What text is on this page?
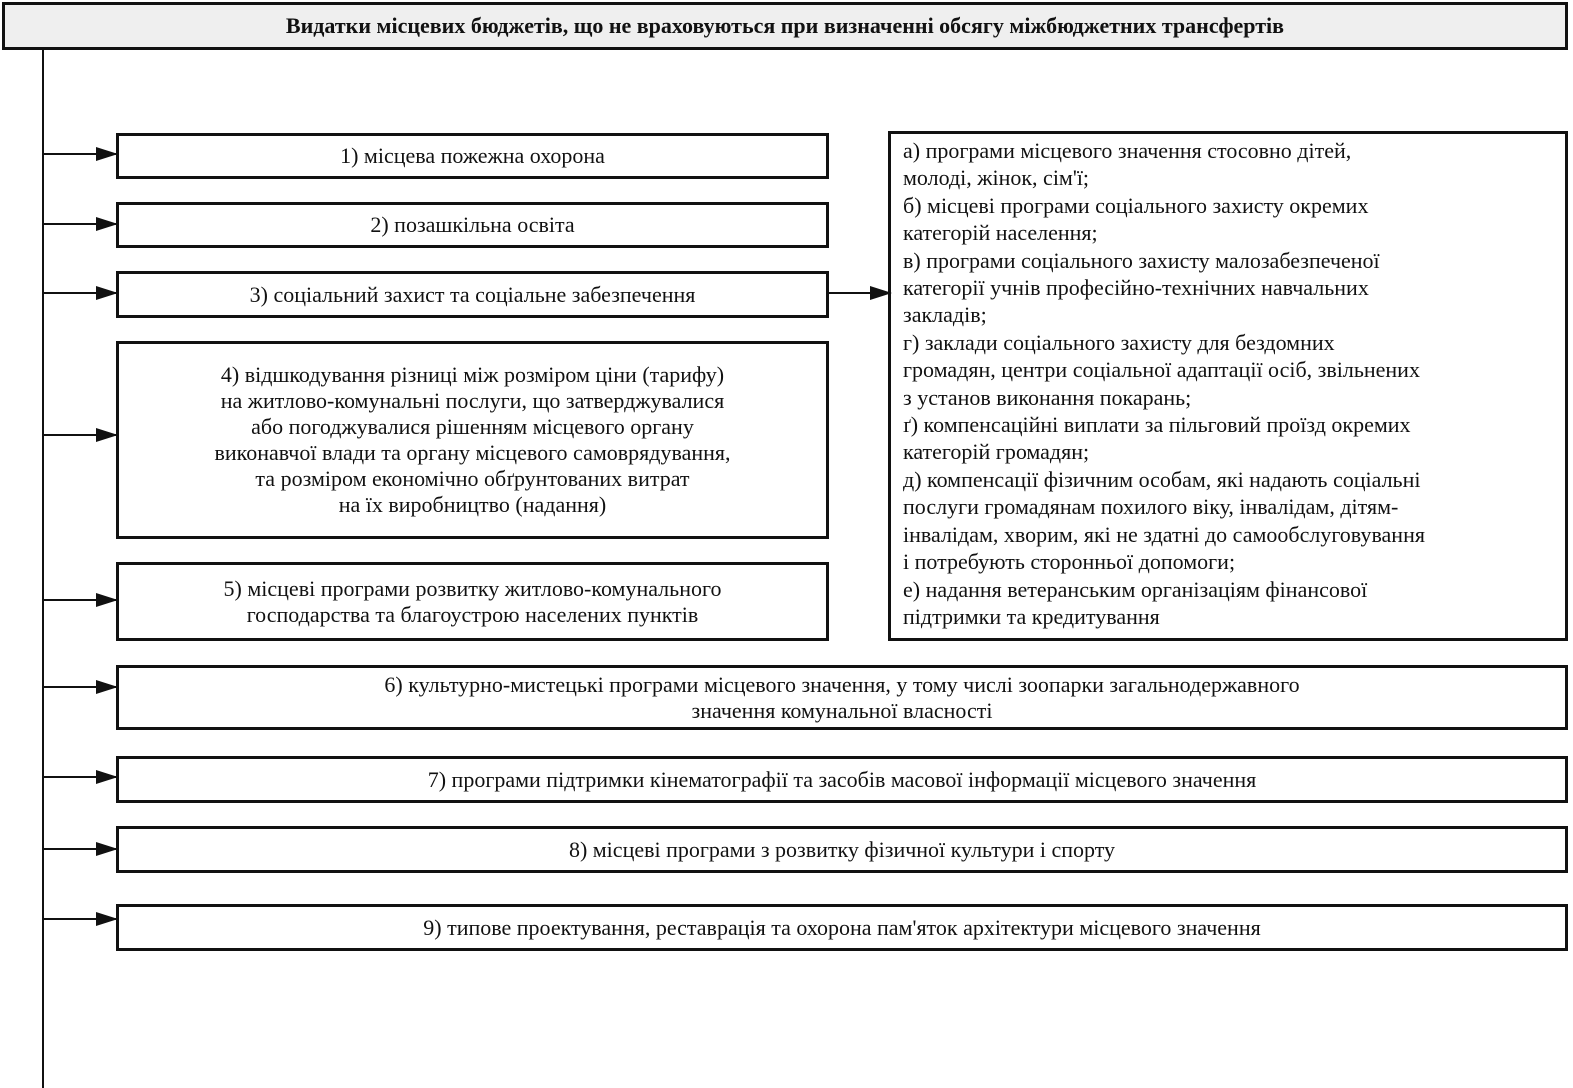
Видатки місцевих бюджетів, що не враховуються при визначенні обсягу міжбюджетних трансфертів
1) місцева пожежна охорона
2) позашкільна освіта
3) соціальний захист та соціальне забезпечення
4) відшкодування різниці між розміром ціни (тарифу)
на житлово-комунальні послуги, що затверджувалися
або погоджувалися рішенням місцевого органу
виконавчої влади та органу місцевого самоврядування,
та розміром економічно обґрунтованих витрат
на їх виробництво (надання)
5) місцеві програми розвитку житлово-комунального
господарства та благоустрою населених пунктів
а) програми місцевого значення стосовно дітей,
молоді, жінок, сім'ї;
б) місцеві програми соціального захисту окремих
категорій населення;
в) програми соціального захисту малозабезпеченої
категорії учнів професійно-технічних навчальних
закладів;
г) заклади соціального захисту для бездомних
громадян, центри соціальної адаптації осіб, звільнених
з установ виконання покарань;
ґ) компенсаційні виплати за пільговий проїзд окремих
категорій громадян;
д) компенсації фізичним особам, які надають соціальні
послуги громадянам похилого віку, інвалідам, дітям-
інвалідам, хворим, які не здатні до самообслуговування
і потребують сторонньої допомоги;
е) надання ветеранським організаціям фінансової
підтримки та кредитування
6) культурно-мистецькі програми місцевого значення, у тому числі зоопарки загальнодержавного
значення комунальної власності
7) програми підтримки кінематографії та засобів масової інформації місцевого значення
8) місцеві програми з розвитку фізичної культури і спорту
9) типове проектування, реставрація та охорона пам'яток архітектури місцевого значення
